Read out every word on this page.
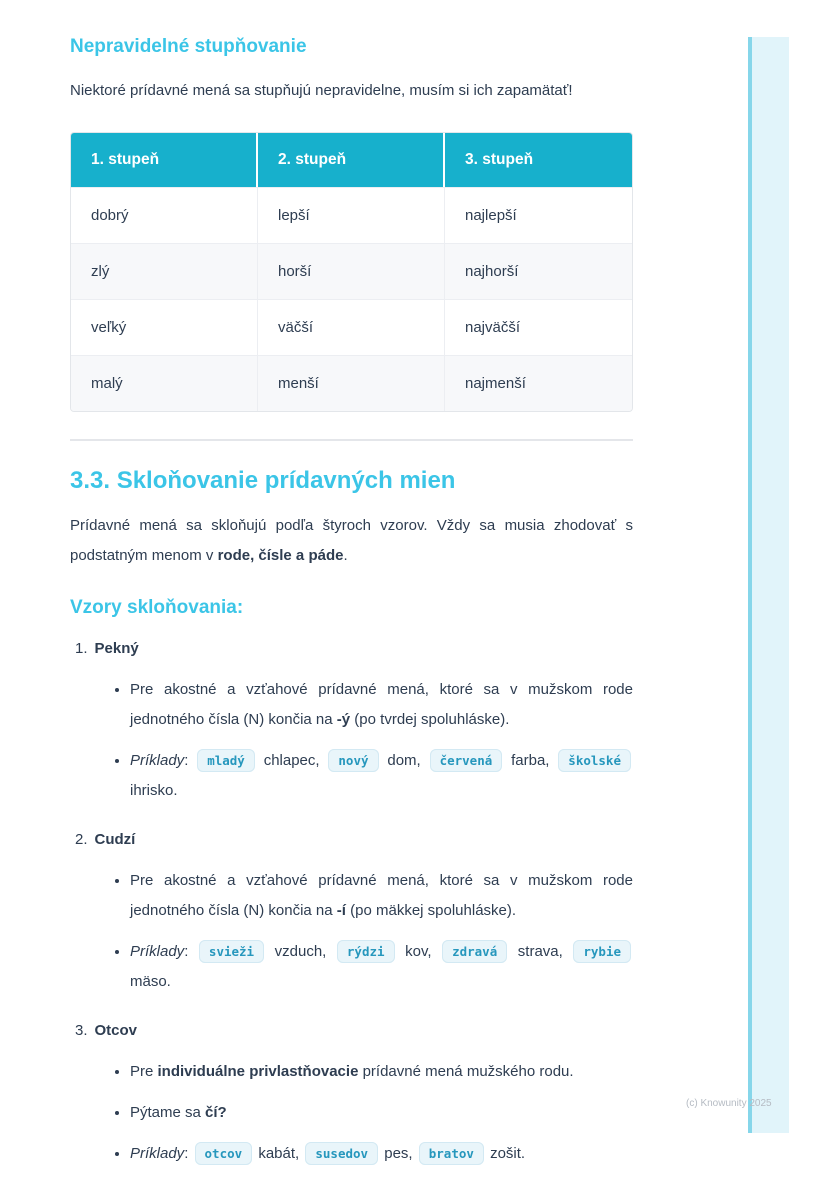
(c) Knowunity 2025
Nepravidelné stupňovanie

Niektoré prídavné mená sa stupňujú nepravidelne, musím si ich zapamätať!

1. stupeň	2. stupeň	3. stupeň
dobrý	lepší	najlepší
zlý	horší	najhorší
veľký	väčší	najväčší
malý	menší	najmenší
3.3. Skloňovanie prídavných mien

Prídavné mená sa skloňujú podľa štyroch vzorov. Vždy sa musia zhodovať s podstatným menom v rode, čísle a páde.

Vzory skloňovania:
1. Pekný
• Pre akostné a vzťahové prídavné mená, ktoré sa v mužskom rode jednotného čísla (N) končia na -ý (po tvrdej spoluhláske).
• Príklady: mladý chlapec, nový dom, červená farba, školské ihrisko.
2. Cudzí
• Pre akostné a vzťahové prídavné mená, ktoré sa v mužskom rode jednotného čísla (N) končia na -í (po mäkkej spoluhláske).
• Príklady: svieži vzduch, rýdzi kov, zdravá strava, rybie mäso.
3. Otcov
• Pre individuálne privlastňovacie prídavné mená mužského rodu.
• Pýtame sa čí?
• Príklady: otcov kabát, susedov pes, bratov zošit.
